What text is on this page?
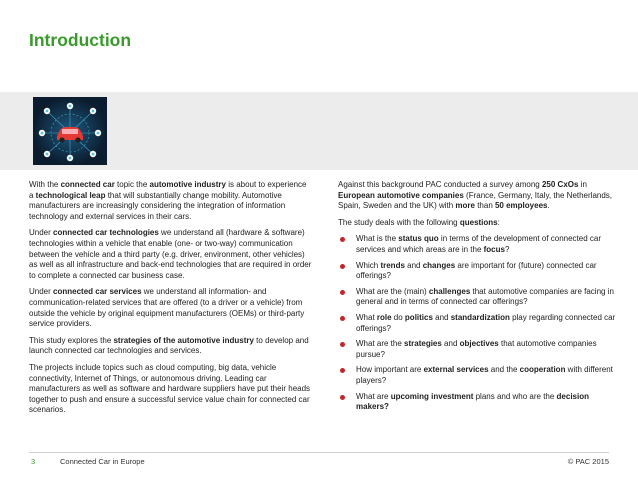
Introduction

With the connected car topic the automotive industry is about to experience a technological leap that will substantially change mobility. Automotive manufacturers are increasingly considering the integration of information technology and external services in their cars.

Under connected car technologies we understand all (hardware & software) technologies within a vehicle that enable (one- or two-way) communication between the vehicle and a third party (e.g. driver, environment, other vehicles) as well as all infrastructure and back-end technologies that are required in order to complete a connected car business case.

Under connected car services we understand all information- and communication-related services that are offered (to a driver or a vehicle) from outside the vehicle by original equipment manufacturers (OEMs) or third-party service providers.

This study explores the strategies of the automotive industry to develop and launch connected car technologies and services.

The projects include topics such as cloud computing, big data, vehicle connectivity, Internet of Things, or autonomous driving. Leading car manufacturers as well as software and hardware suppliers have put their heads together to push and ensure a successful service value chain for connected car scenarios.

Against this background PAC conducted a survey among 250 CxOs in European automotive companies (France, Germany, Italy, the Netherlands, Spain, Sweden and the UK) with more than 50 employees.

The study deals with the following questions:

What is the status quo in terms of the development of connected car services and which areas are in the focus?
Which trends and changes are important for (future) connected car offerings?
What are the (main) challenges that automotive companies are facing in general and in terms of connected car offerings?
What role do politics and standardization play regarding connected car offerings?
What are the strategies and objectives that automotive companies pursue?
How important are external services and the cooperation with different players?
What are upcoming investment plans and who are the decision makers?
3	Connected Car in Europe	© PAC 2015
